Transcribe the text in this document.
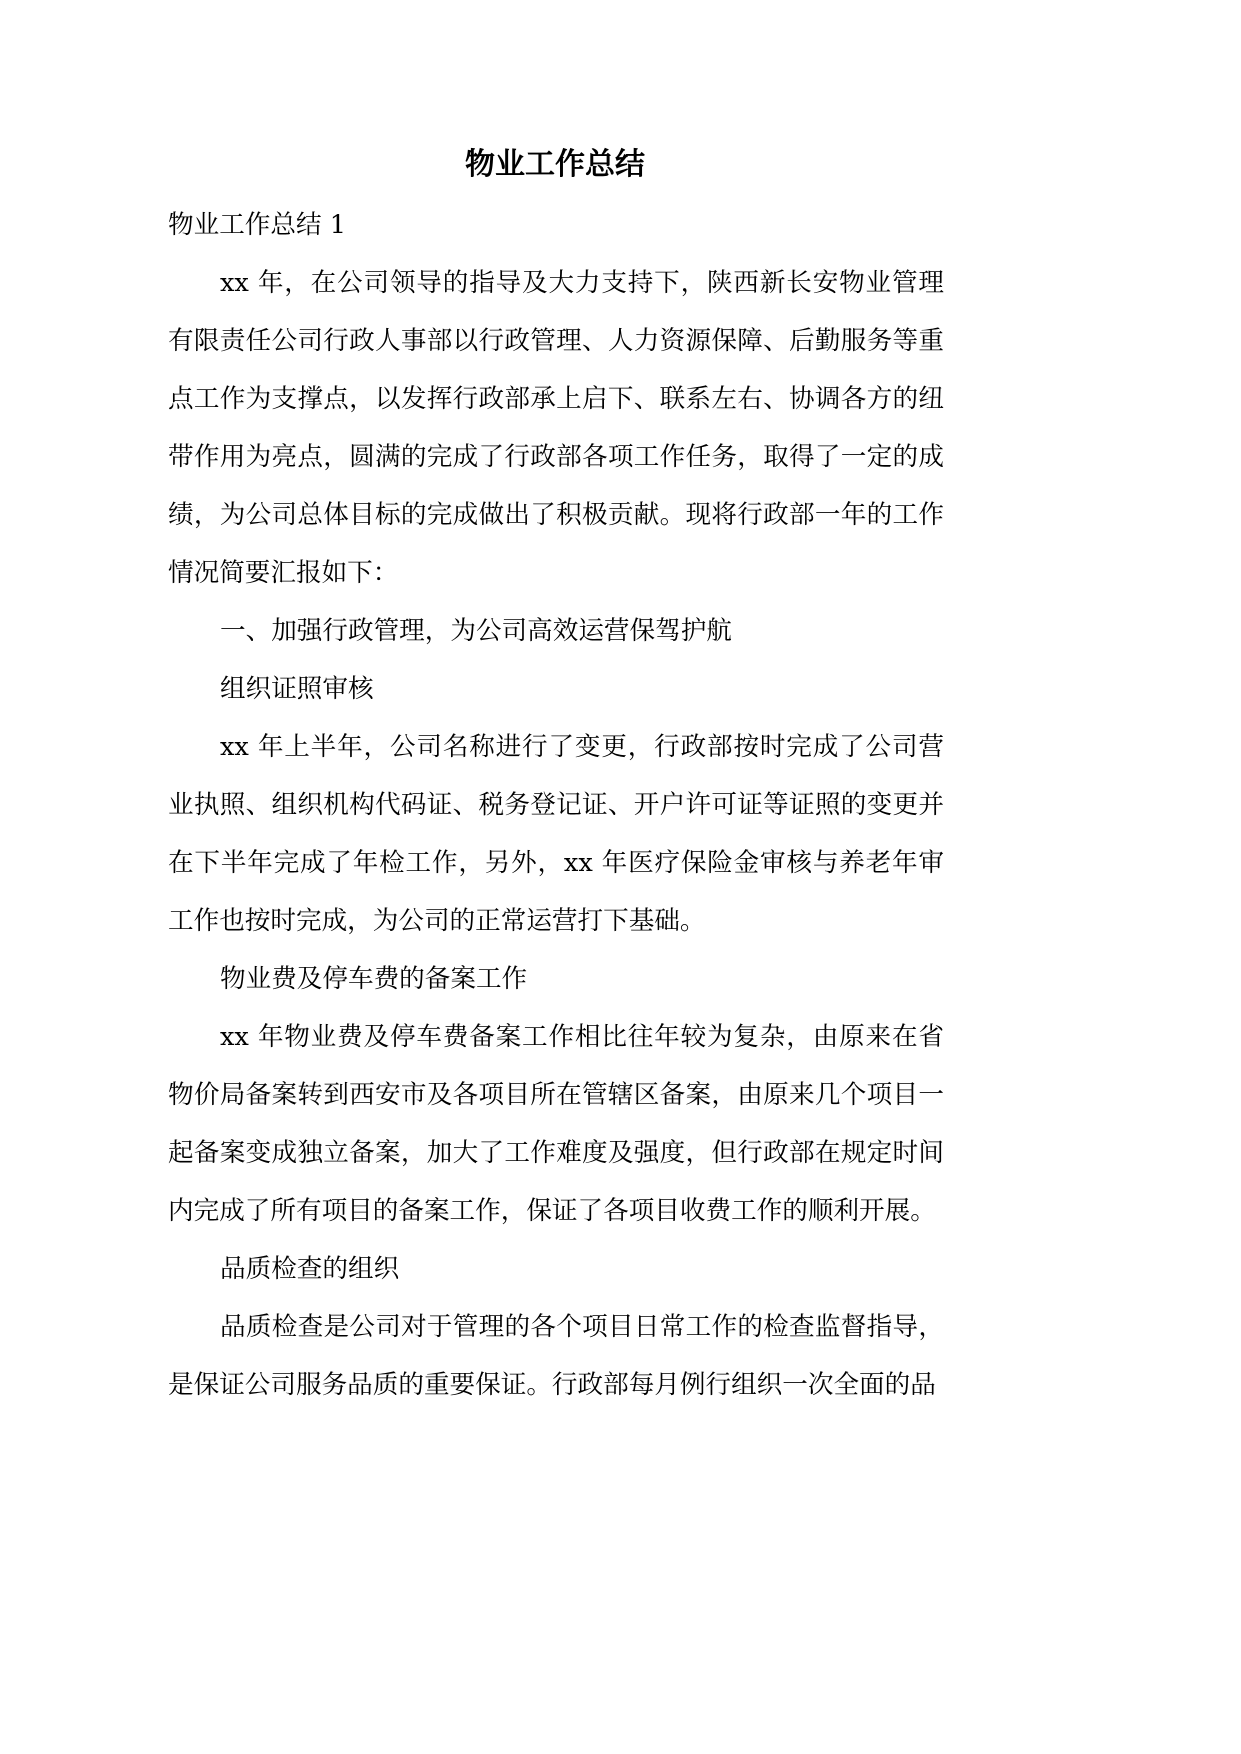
物业工作总结

物业工作总结 1

xx 年，在公司领导的指导及大力支持下，陕西新长安物业管理有限责任公司行政人事部以行政管理、人力资源保障、后勤服务等重点工作为支撑点，以发挥行政部承上启下、联系左右、协调各方的纽带作用为亮点，圆满的完成了行政部各项工作任务，取得了一定的成绩，为公司总体目标的完成做出了积极贡献。现将行政部一年的工作情况简要汇报如下：

一、加强行政管理，为公司高效运营保驾护航

组织证照审核

xx 年上半年，公司名称进行了变更，行政部按时完成了公司营业执照、组织机构代码证、税务登记证、开户许可证等证照的变更并在下半年完成了年检工作，另外，xx 年医疗保险金审核与养老年审工作也按时完成，为公司的正常运营打下基础。

物业费及停车费的备案工作

xx 年物业费及停车费备案工作相比往年较为复杂，由原来在省物价局备案转到西安市及各项目所在管辖区备案，由原来几个项目一起备案变成独立备案，加大了工作难度及强度，但行政部在规定时间内完成了所有项目的备案工作，保证了各项目收费工作的顺利开展。

品质检查的组织

品质检查是公司对于管理的各个项目日常工作的检查监督指导，是保证公司服务品质的重要保证。行政部每月例行组织一次全面的品
